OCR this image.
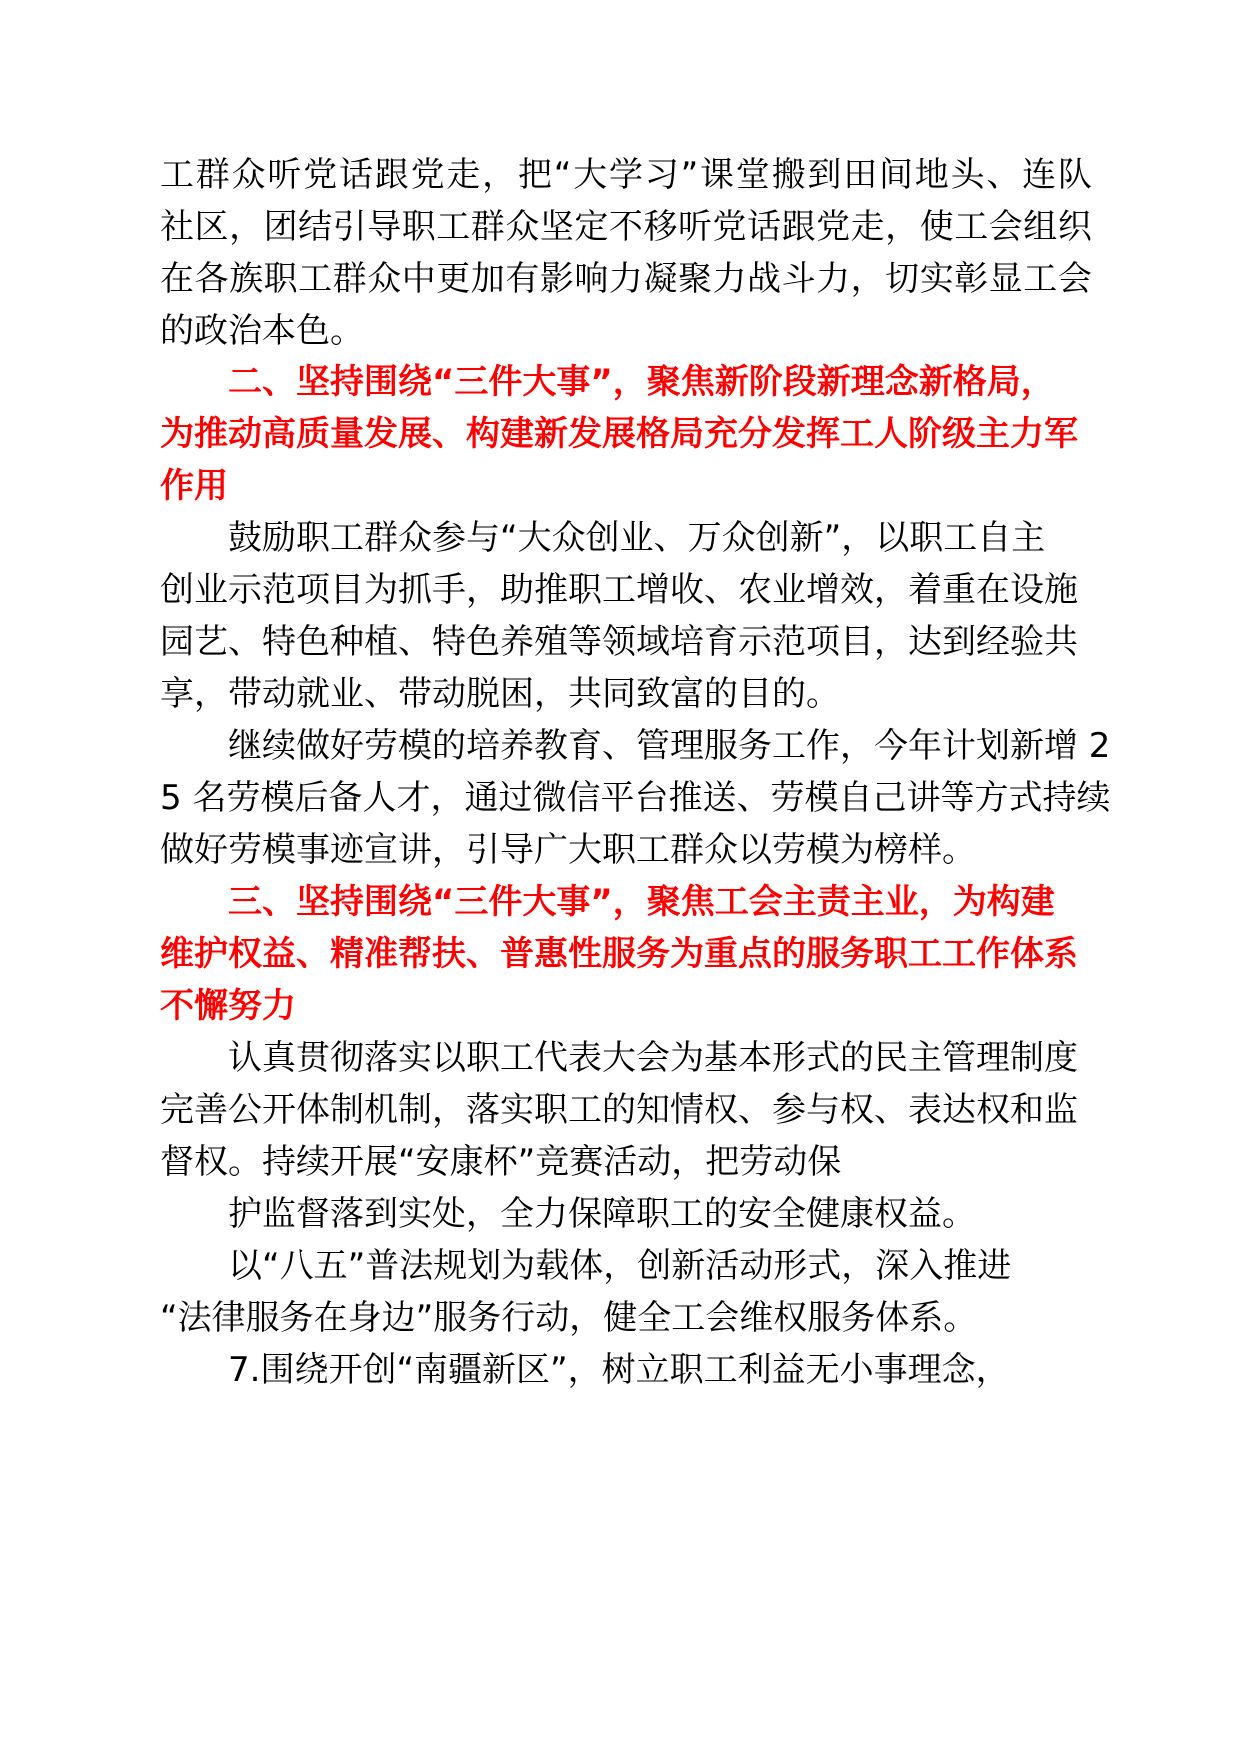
工 群 众 听 党 话 跟 党 走 ， 把 “ 大 学 习 ” 课 堂 搬 到 田 间 地 头 、 连 队
社 区 ， 团 结 引 导 职 工 群 众 坚 定 不 移 听 党 话 跟 党 走 ， 使 工 会 组 织
在 各 族 职 工 群 众 中 更 加 有 影 响 力 凝 聚 力 战 斗 力 ， 切 实 彰 显 工 会
的政治本色。
二、坚持围绕“三件大事”，聚焦新阶段新理念新格局，
为推动高质量发展、构建新发展格局充分发挥工人阶级主力军
作用
鼓励职工群众参与“大众创业、万众创新”，以职工自主
创业示范项目为抓手，助推职工增收、农业增效，着重在设施
园艺、特色种植、特色养殖等领域培育示范项目，达到经验共
享，带动就业、带动脱困，共同致富的目的。
继续做好劳模的培养教育、管理服务工作，今年计划新增 2
5 名劳模后备人才，通过微信平台推送、劳模自己讲等方式持续
做好劳模事迹宣讲，引导广大职工群众以劳模为榜样。
三、坚持围绕“三件大事”，聚焦工会主责主业，为构建
维护权益、精准帮扶、普惠性服务为重点的服务职工工作体系
不懈努力
认真贯彻落实以职工代表大会为基本形式的民主管理制度
完善公开体制机制，落实职工的知情权、参与权、表达权和监
督权。持续开展“安康杯”竞赛活动，把劳动保
护监督落到实处，全力保障职工的安全健康权益。
以“八五”普法规划为载体，创新活动形式，深入推进
“法律服务在身边”服务行动，健全工会维权服务体系。
7.围绕开创“南疆新区”，树立职工利益无小事理念，
